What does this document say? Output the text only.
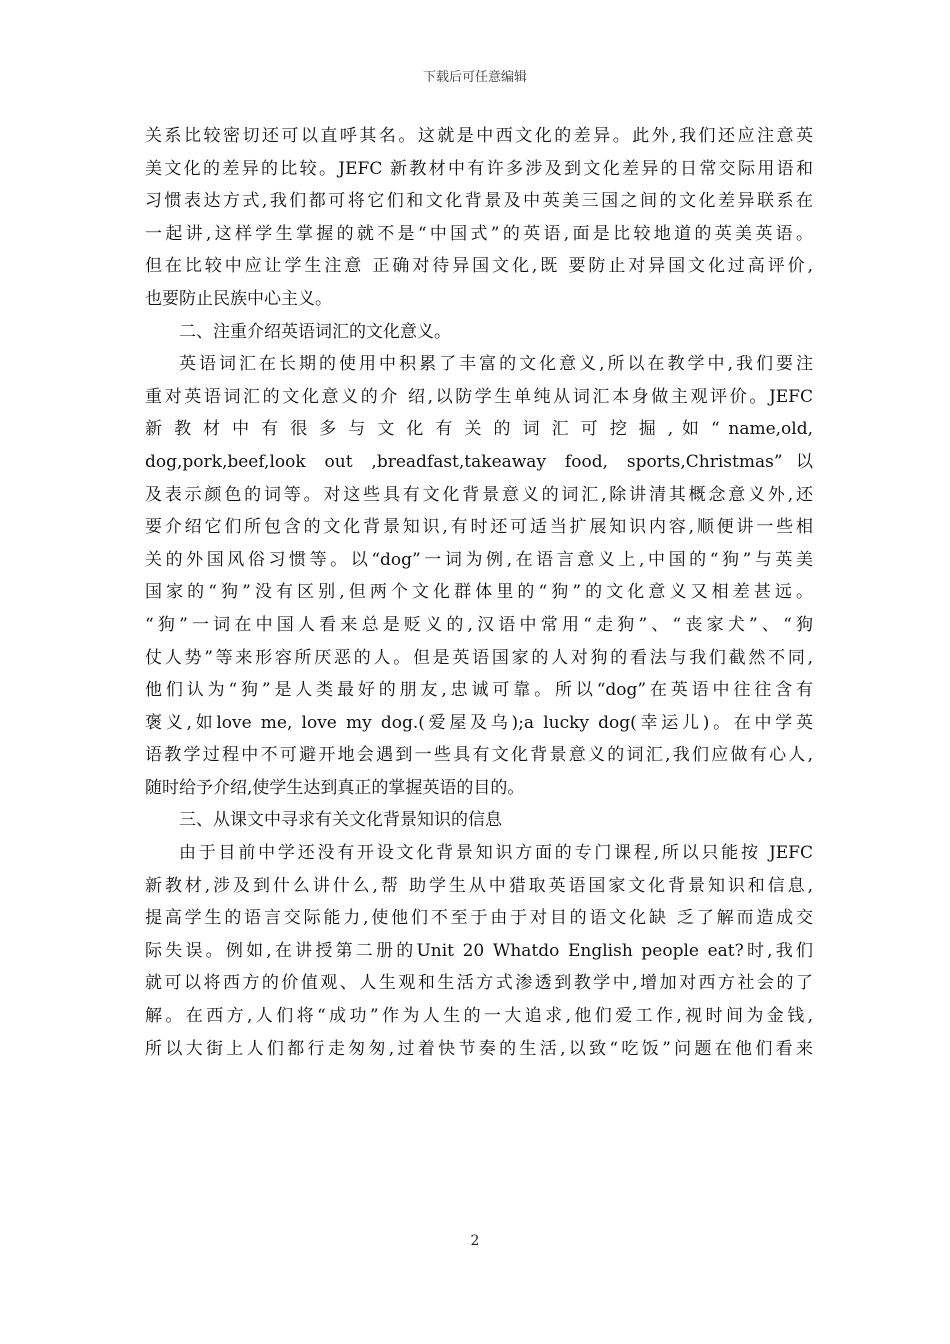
下载后可任意编辑
关系比较密切还可以直呼其名。这就是中西文化的差异。此外,我们还应注意英
美文化的差异的比较。JEFC 新教材中有许多涉及到文化差异的日常交际用语和
习惯表达方式,我们都可将它们和文化背景及中英美三国之间的文化差异联系在
一起讲,这样学生掌握的就不是“中国式”的英语,面是比较地道的英美英语。
但在比较中应让学生注意 正确对待异国文化,既 要防止对异国文化过高评价,
也要防止民族中心主义。
二、注重介绍英语词汇的文化意义。
英语词汇在长期的使用中积累了丰富的文化意义,所以在教学中,我们要注
重对英语词汇的文化意义的介 绍,以防学生单纯从词汇本身做主观评价。JEFC
新 教 材 中 有 很 多 与 文 化 有 关 的 词 汇 可 挖 掘 , 如 “ name,old,
dog,pork,beef,look out ,breadfast,takeaway food, sports,Christmas”以
及表示颜色的词等。对这些具有文化背景意义的词汇,除讲清其概念意义外,还
要介绍它们所包含的文化背景知识,有时还可适当扩展知识内容,顺便讲一些相
关的外国风俗习惯等。以“dog”一词为例,在语言意义上,中国的“狗”与英美
国家的“狗”没有区别,但两个文化群体里的“狗”的文化意义又相差甚远。
“狗”一词在中国人看来总是贬义的,汉语中常用“走狗”、“丧家犬”、“狗
仗人势”等来形容所厌恶的人。但是英语国家的人对狗的看法与我们截然不同,
他们认为“狗”是人类最好的朋友,忠诚可靠。所以“dog”在英语中往往含有
褒义,如love me, love my dog.(爱屋及乌);a lucky dog(幸运儿)。在中学英
语教学过程中不可避开地会遇到一些具有文化背景意义的词汇,我们应做有心人,
随时给予介绍,使学生达到真正的掌握英语的目的。
三、从课文中寻求有关文化背景知识的信息
由于目前中学还没有开设文化背景知识方面的专门课程,所以只能按 JEFC
新教材,涉及到什么讲什么,帮 助学生从中猎取英语国家文化背景知识和信息,
提高学生的语言交际能力,使他们不至于由于对目的语文化缺 乏了解而造成交
际失误。例如,在讲授第二册的Unit 20 Whatdo English people eat?时,我们
就可以将西方的价值观、人生观和生活方式渗透到教学中,增加对西方社会的了
解。在西方,人们将“成功”作为人生的一大追求,他们爱工作,视时间为金钱,
所以大街上人们都行走匆匆,过着快节奏的生活,以致“吃饭”问题在他们看来
2
